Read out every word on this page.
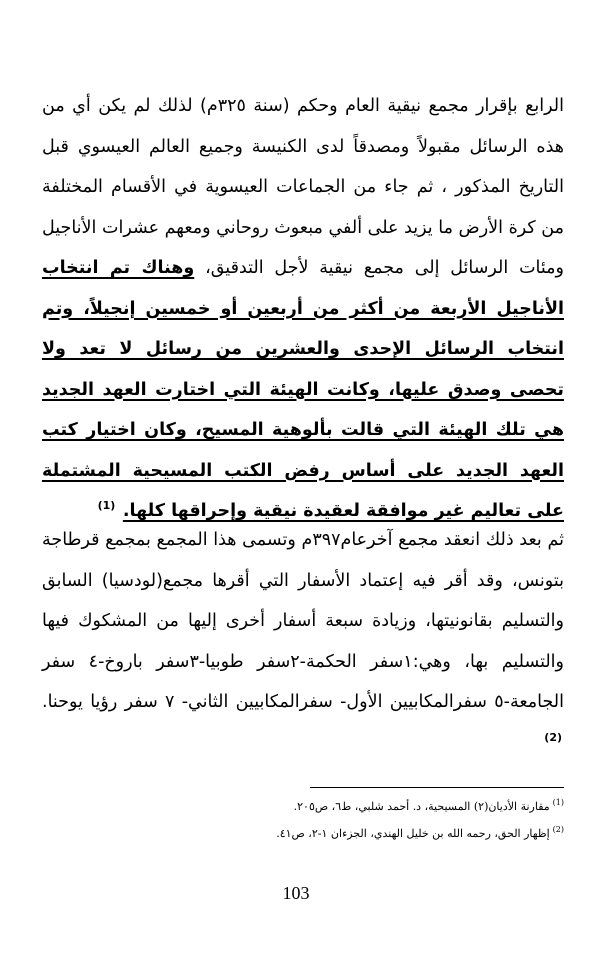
الرابع بإقرار مجمع نيقية العام وحكم (سنة ٣٢٥م) لذلك لم يكن أي من هذه الرسائل مقبولاً ومصدقاً لدى الكنيسة وجميع العالم العيسوي قبل التاريخ المذكور ، ثم جاء من الجماعات العيسوية في الأقسام المختلفة من كرة الأرض ما يزيد على ألفي مبعوث روحاني ومعهم عشرات الأناجيل ومئات الرسائل إلى مجمع نيقية لأجل التدقيق، وهناك تم انتخاب الأناجيل الأربعة من أكثر من أربعين أو خمسين إنجيلاً، وتم انتخاب الرسائل الإحدى والعشرين من رسائل لا تعد ولا تحصى وصدق عليها، وكانت الهيئة التي اختارت العهد الجديد هي تلك الهيئة التي قالت بألوهية المسيح، وكان اختيار كتب العهد الجديد على أساس رفض الكتب المسيحية المشتملة على تعاليم غير موافقة لعقيدة نيقية وإحراقها كلها. $^{(1)}$
ثم بعد ذلك انعقد مجمع آخرعام٣٩٧م وتسمى هذا المجمع بمجمع قرطاجة بتونس، وقد أقر فيه إعتماد الأسفار التي أقرها مجمع(لودسيا) السابق والتسليم بقانونيتها، وزيادة سبعة أسفار أخرى إليها من المشكوك فيها والتسليم بها، وهي:١سفر الحكمة-٢سفر طوبيا-٣سفر باروخ-٤ سفر الجامعة-٥ سفرالمكابيين الأول- سفرالمكابيين الثاني- ٧ سفر رؤيا يوحنا. $^{(2)}$
$^{(1)}$مقارنة الأديان(٢) المسيحية، د. أحمد شلبي، ط٦، ص٢٠٥.
$^{(2)}$إظهار الحق، رحمه الله بن خليل الهندي، الجزءان ١-٢، ص٤١.
103
